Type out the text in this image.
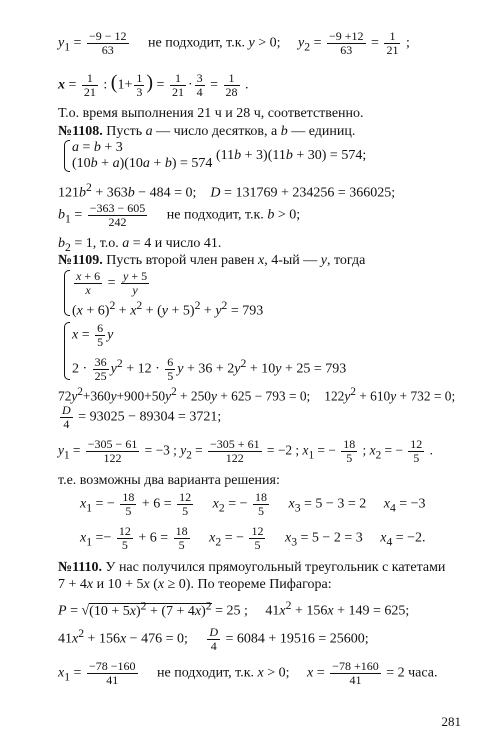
$y_1 = \frac{-9 - 12}{63}$ не подходит, т.к. y > 0; $y_2 = \frac{-9 +12}{63} = \frac{1}{21}$ ;
$x = \frac{1}{21}$ : ($1+ \frac{1}{3}$ ) = $\frac{1}{21} \cdot \frac{3}{4} = \frac{1}{28}$ .
Т.о. время выполнения 21 ч и 28 ч, соответственно.
№1108. Пусть a — число десятков, а b — единиц.
a = b + 3
(10b + a)(10a + b) = 574
(11b + 3)(11b + 30) = 574;
$121b^2 + 363b - 484 = 0$; D = 131769 + 234256 = 366025;
$b_1 = \frac{-363 - 605}{242}$ не подходит, т.к. b > 0;
$b_2 = 1$, т.о. a = 4 и число 41.
№1109. Пусть второй член равен x, 4-ый — y, тогда
$\frac{x + 6}{x} = \frac{y + 5}{y}$
$(x + 6)^2 + x^2 + (y + 5)^2 + y^2 = 793$
$x = \frac{6}{5}$ y
$2 \cdot \frac{36}{25} y^2 + 12 \cdot \frac{6}{5}$ $y + 36 + 2y^2 + 10y + 25 = 793$
$72y^2+360y+900+50y^2 + 250y + 625 - 793 = 0$; $122y^2 + 610y + 732 = 0$;
$\frac{D}{4} = 93025 - 89304 = 3721$;
$y_1 = \frac{-305 - 61}{122} = -3$ ; $y_2 = \frac{-305 + 61}{122} = -2$ ; $x_1$ = − $\frac{18}{5}$ ; $x_2$ = − $\frac{12}{5}$ .
т.е. возможны два варианта решения:
$x_1$ = − $\frac{18}{5} + 6 = \frac{12}{5} x_2$ = − $\frac{18}{5} x_3 = 5 - 3 = 2$ $x_4 = -3$
$x_1 =- \frac{12}{5} + 6 = \frac{18}{5} x_2$ = − $\frac{12}{5} x_3 = 5 - 2 = 3$ $x_4 = -2$.
№1110. У нас получился прямоугольный треугольник с катетами
7 + 4x и 10 + 5x (x ≥ 0). По теореме Пифагора:
$P = √(10 + 5x)^2 + (7 + 4x)^2 = 25$ ; $41x^2 + 156x + 149 = 625$;
$41x^2 + 156x - 476 = 0$; $\frac{D}{4} = 6084 + 19516 = 25600$;
$x_1 = \frac{-78 -160}{41}$ не подходит, т.к. x > 0; $x = \frac{-78 +160}{41} = 2$ часа.
281
